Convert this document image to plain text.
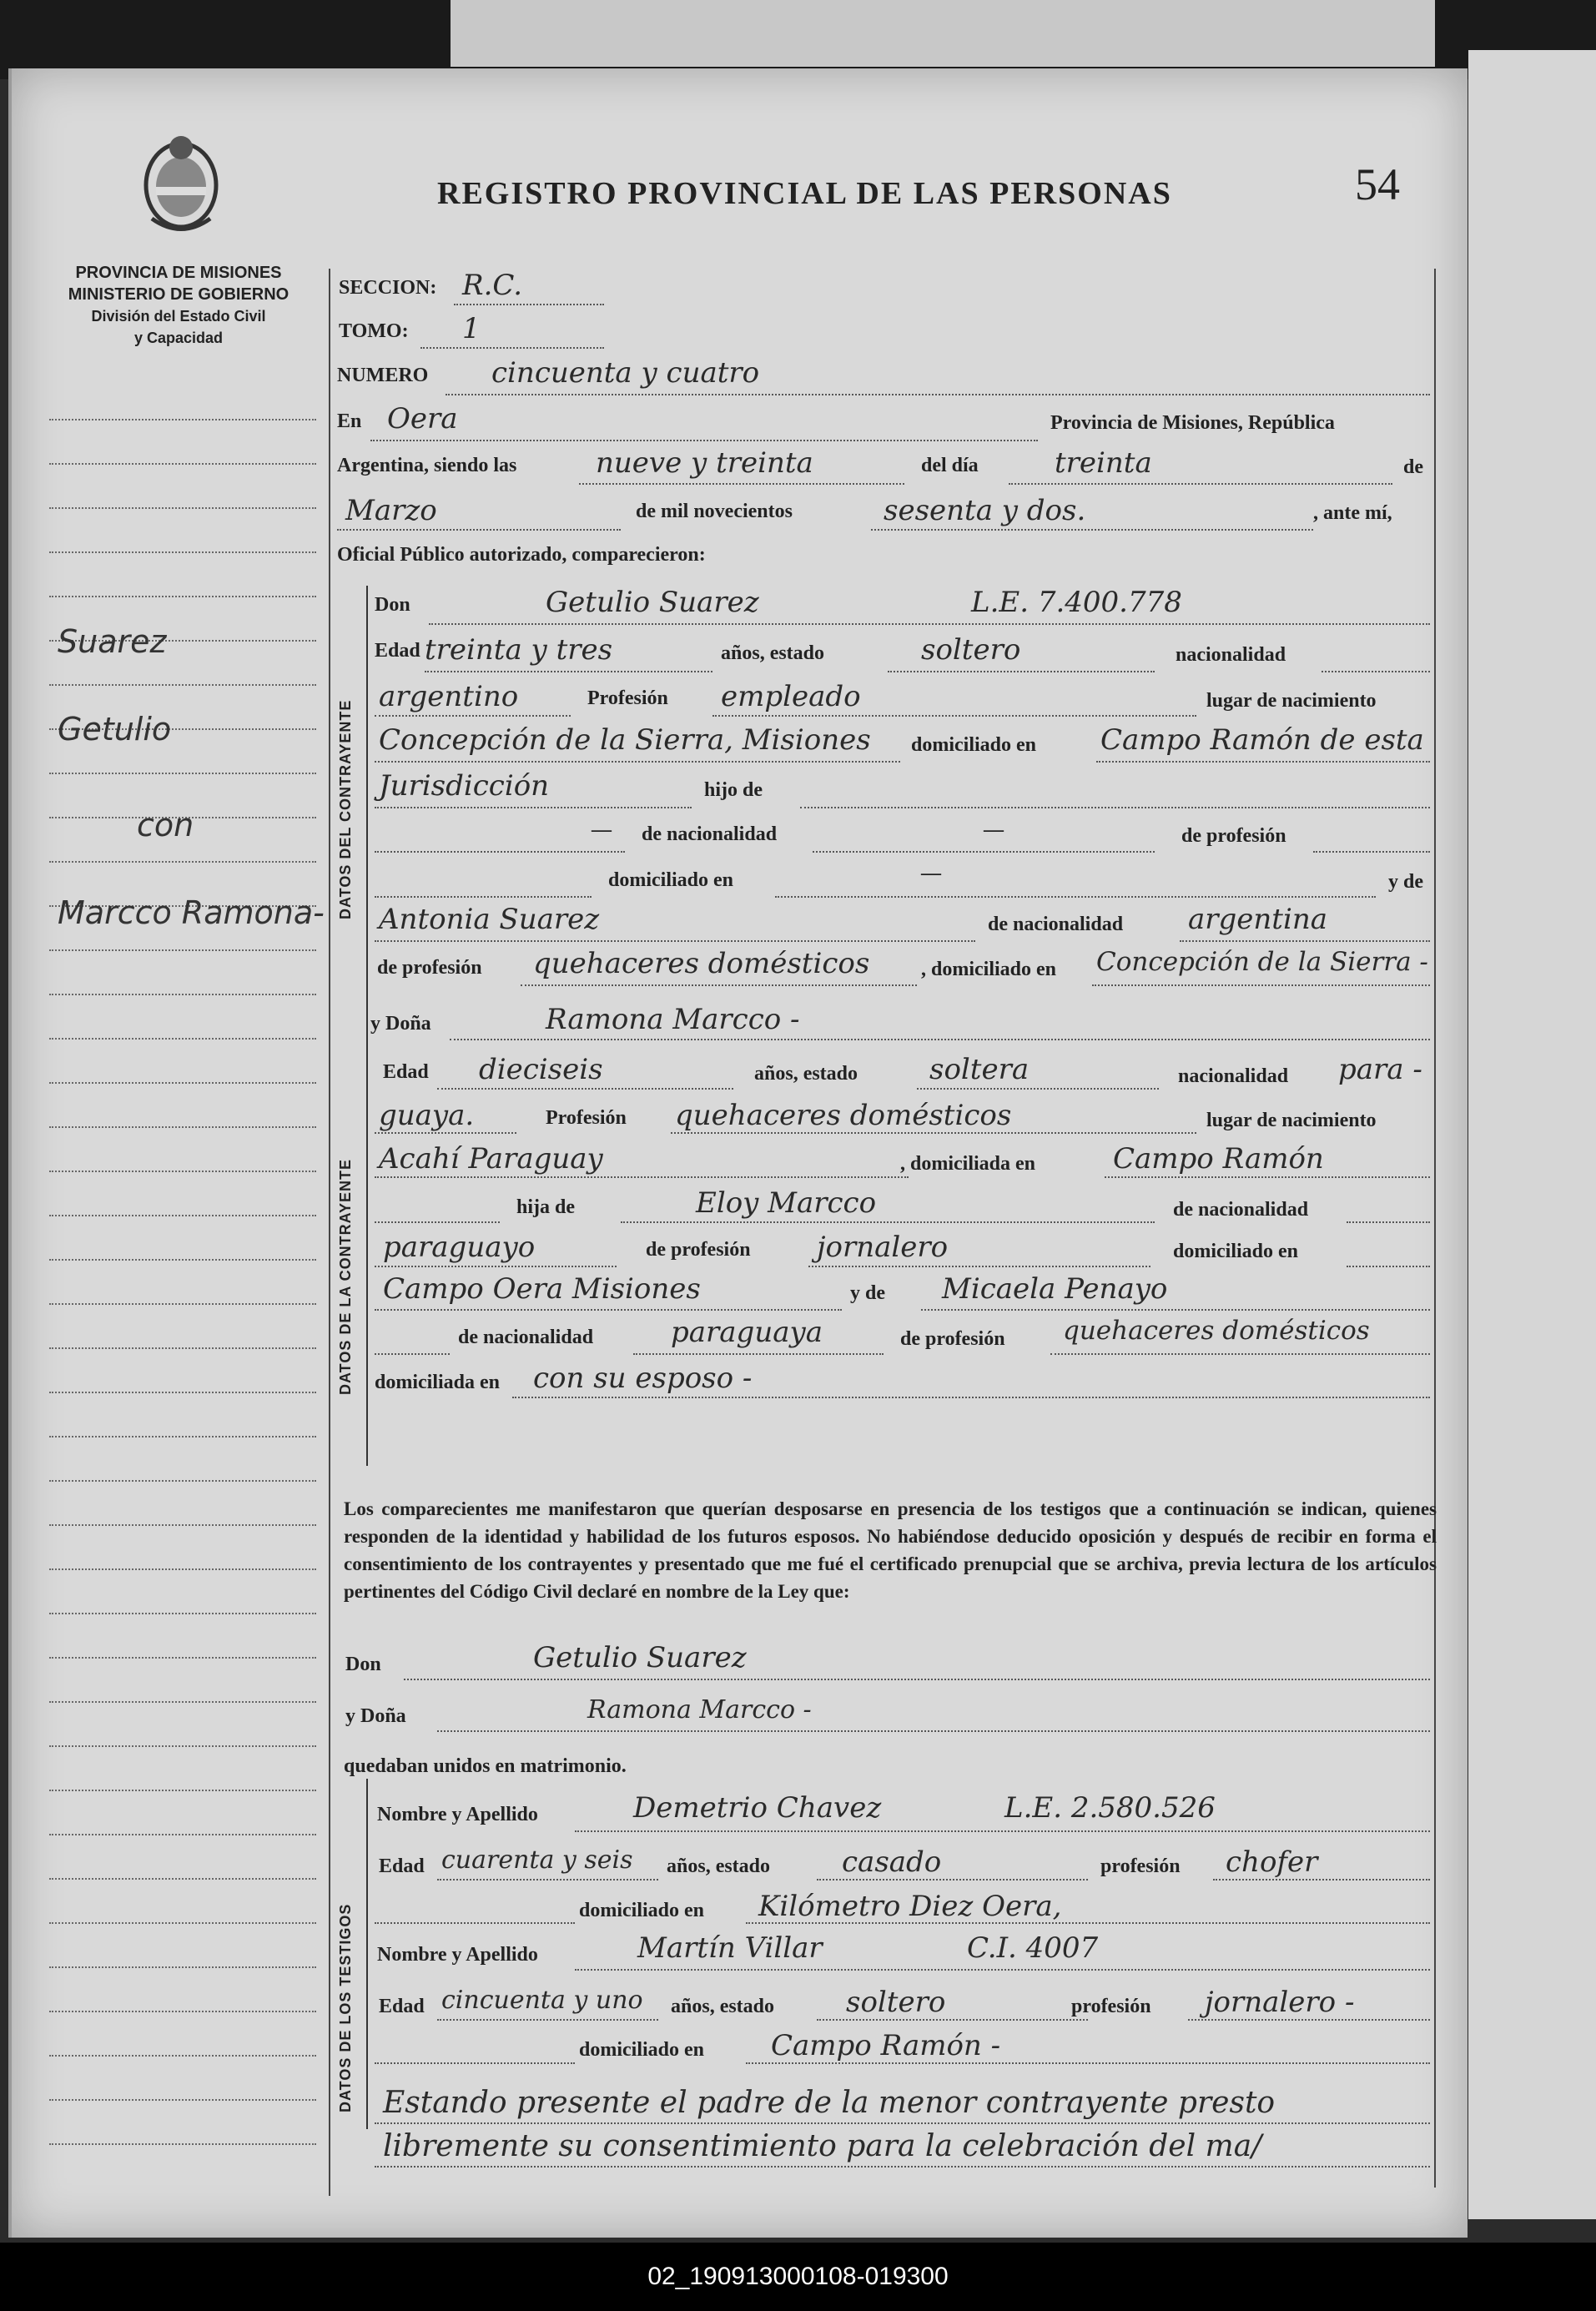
PROVINCIA DE MISIONES
MINISTERIO DE GOBIERNO
División del Estado Civil
y Capacidad
REGISTRO PROVINCIAL DE LAS PERSONAS	54
Suarez
Getulio
con
Marcco Ramona-
SECCION: R.C.
TOMO: 1
NUMERO cincuenta y cuatro
En Oera	Provincia de Misiones, República
Argentina, siendo las	nueve y treinta	del día	treinta	de
Marzo	de mil novecientos	sesenta y dos.	, ante mí,
Oficial Público autorizado, comparecieron:
DATOS DEL CONTRAYENTE
Don	Getulio Suarez	L.E. 7.400.778
Edad treinta y tres	años, estado	soltero	nacionalidad
argentino	Profesión empleado	lugar de nacimiento
Concepción de la Sierra, Misiones domiciliado en Campo Ramón de esta
Jurisdicción	hijo de
— de nacionalidad	—	de profesión
domiciliado en	—	y de
Antonia Suarez	de nacionalidad argentina
de profesión quehaceres domésticos	, domiciliado en Concepción de la Sierra -
DATOS DE LA CONTRAYENTE
y Doña	Ramona Marcco -
Edad dieciseis	años, estado	soltera	nacionalidad para -
guaya.	Profesión quehaceres domésticos	lugar de nacimiento
Acahí Paraguay	, domiciliada en	Campo Ramón
hija de	Eloy Marcco	de nacionalidad
paraguayo	de profesión jornalero	domiciliado en
Campo Oera Misiones	y de Micaela Penayo
de nacionalidad	paraguaya	de profesión quehaceres domésticos
domiciliada en con su esposo -
Los comparecientes me manifestaron que querían desposarse en presencia de los testigos que a continuación se indican, quienes responden de la identidad y habilidad de los futuros esposos. No habiéndose deducido oposición y después de recibir en forma el consentimiento de los contrayentes y presentado que me fué el certificado prenupcial que se archiva, previa lectura de los artículos pertinentes del Código Civil declaré en nombre de la Ley que:
Don	Getulio Suarez
y Doña	Ramona Marcco -
quedaban unidos en matrimonio.
DATOS DE LOS TESTIGOS
Nombre y Apellido	Demetrio Chavez	L.E. 2.580.526
Edad cuarenta y seis años, estado	casado	profesión chofer
domiciliado en Kilómetro Diez Oera,
Nombre y Apellido	Martín Villar	C.I. 4007
Edad cincuenta y uno años, estado	soltero	profesión jornalero -
domiciliado en Campo Ramón -
Estando presente el padre de la menor contrayente presto
libremente su consentimiento para la celebración del ma/
02_190913000108-019300
